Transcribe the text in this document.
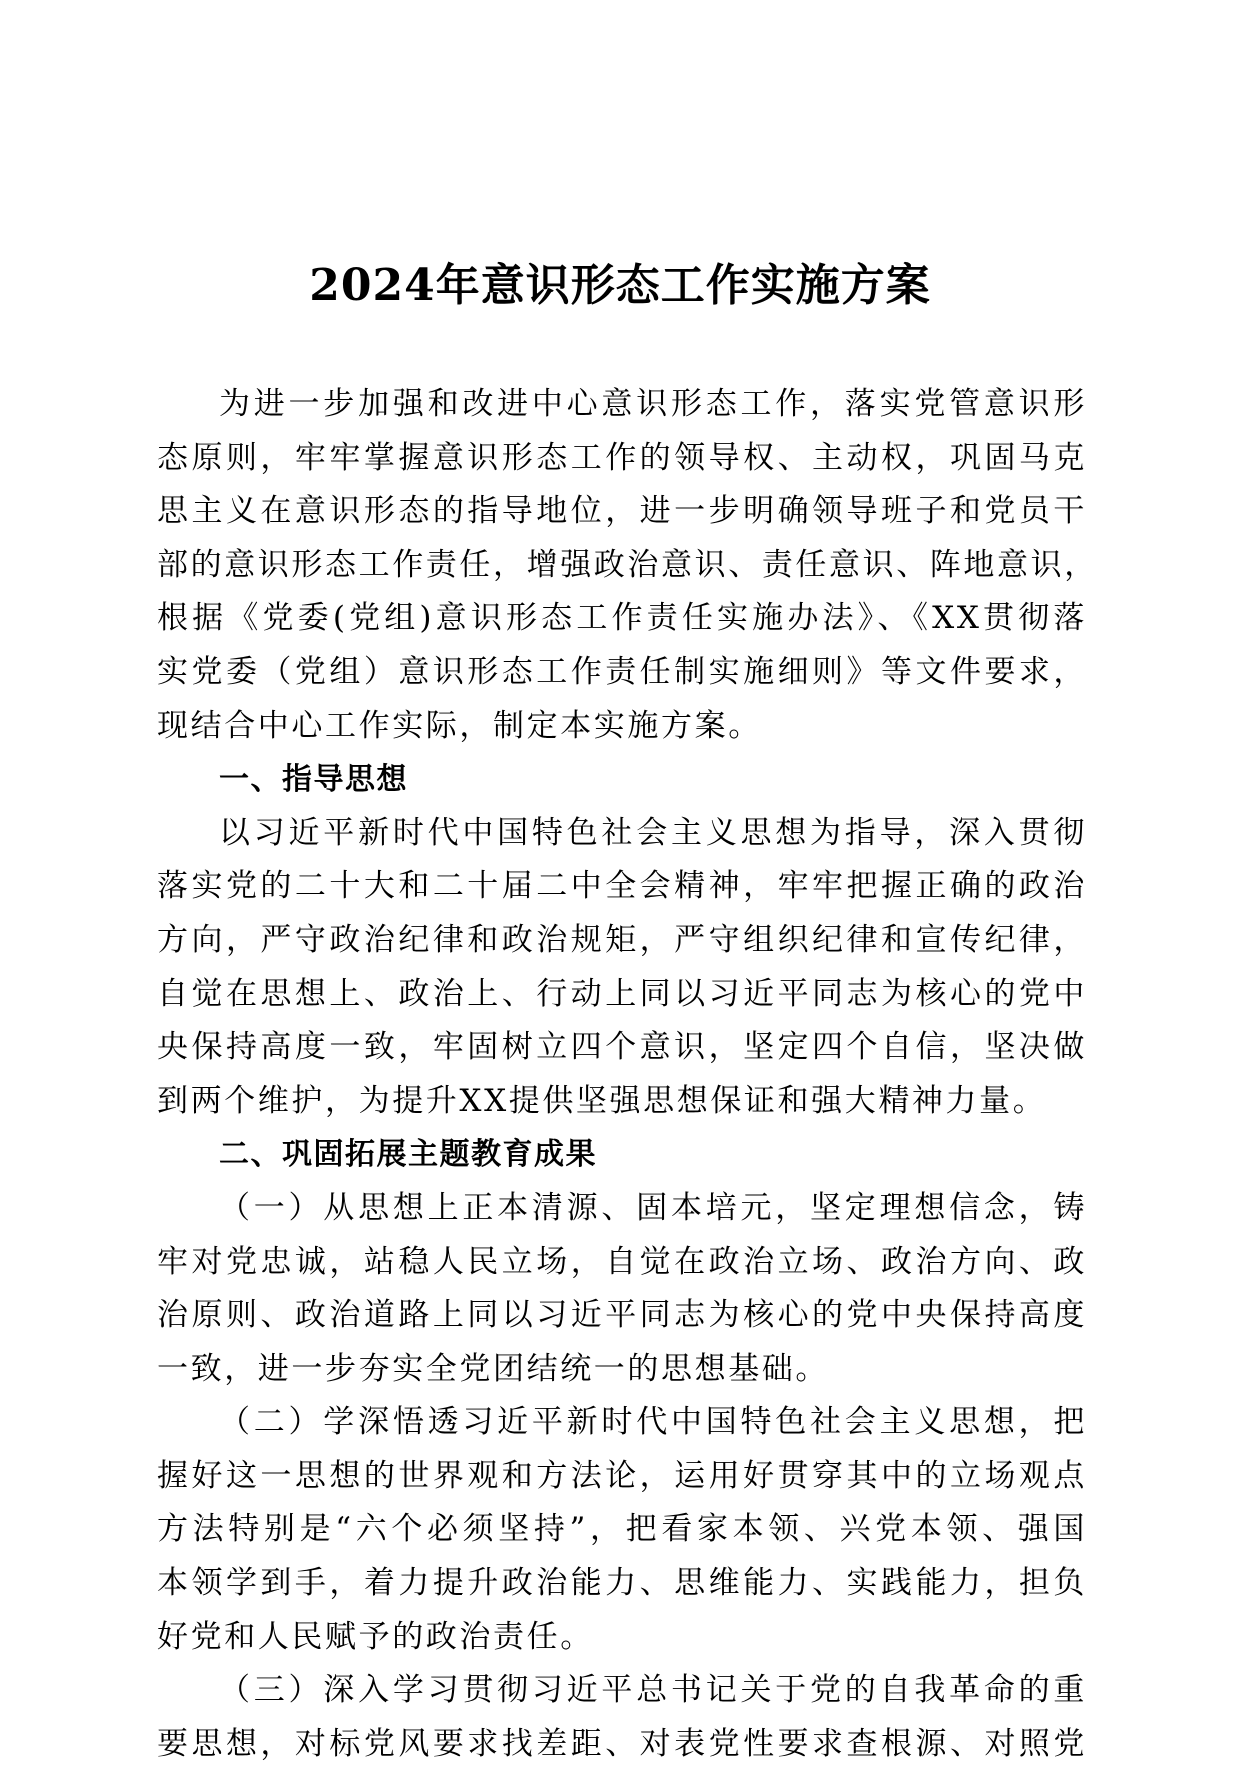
2024年意识形态工作实施方案
为进一步加强和改进中心意识形态工作，落实党管意识形
态原则，牢牢掌握意识形态工作的领导权、主动权，巩固马克
思主义在意识形态的指导地位，进一步明确领导班子和党员干
部的意识形态工作责任，增强政治意识、责任意识、阵地意识，
根据《党委(党组)意识形态工作责任实施办法》、《XX贯彻落
实党委（党组）意识形态工作责任制实施细则》等文件要求，
现结合中心工作实际，制定本实施方案。
一、指导思想
以习近平新时代中国特色社会主义思想为指导，深入贯彻
落实党的二十大和二十届二中全会精神，牢牢把握正确的政治
方向，严守政治纪律和政治规矩，严守组织纪律和宣传纪律，
自觉在思想上、政治上、行动上同以习近平同志为核心的党中
央保持高度一致，牢固树立四个意识，坚定四个自信，坚决做
到两个维护，为提升XX提供坚强思想保证和强大精神力量。
二、巩固拓展主题教育成果
（一）从思想上正本清源、固本培元，坚定理想信念，铸
牢对党忠诚，站稳人民立场，自觉在政治立场、政治方向、政
治原则、政治道路上同以习近平同志为核心的党中央保持高度
一致，进一步夯实全党团结统一的思想基础。
（二）学深悟透习近平新时代中国特色社会主义思想，把
握好这一思想的世界观和方法论，运用好贯穿其中的立场观点
方法特别是“六个必须坚持”，把看家本领、兴党本领、强国
本领学到手，着力提升政治能力、思维能力、实践能力，担负
好党和人民赋予的政治责任。
（三）深入学习贯彻习近平总书记关于党的自我革命的重
要思想，对标党风要求找差距、对表党性要求查根源、对照党
